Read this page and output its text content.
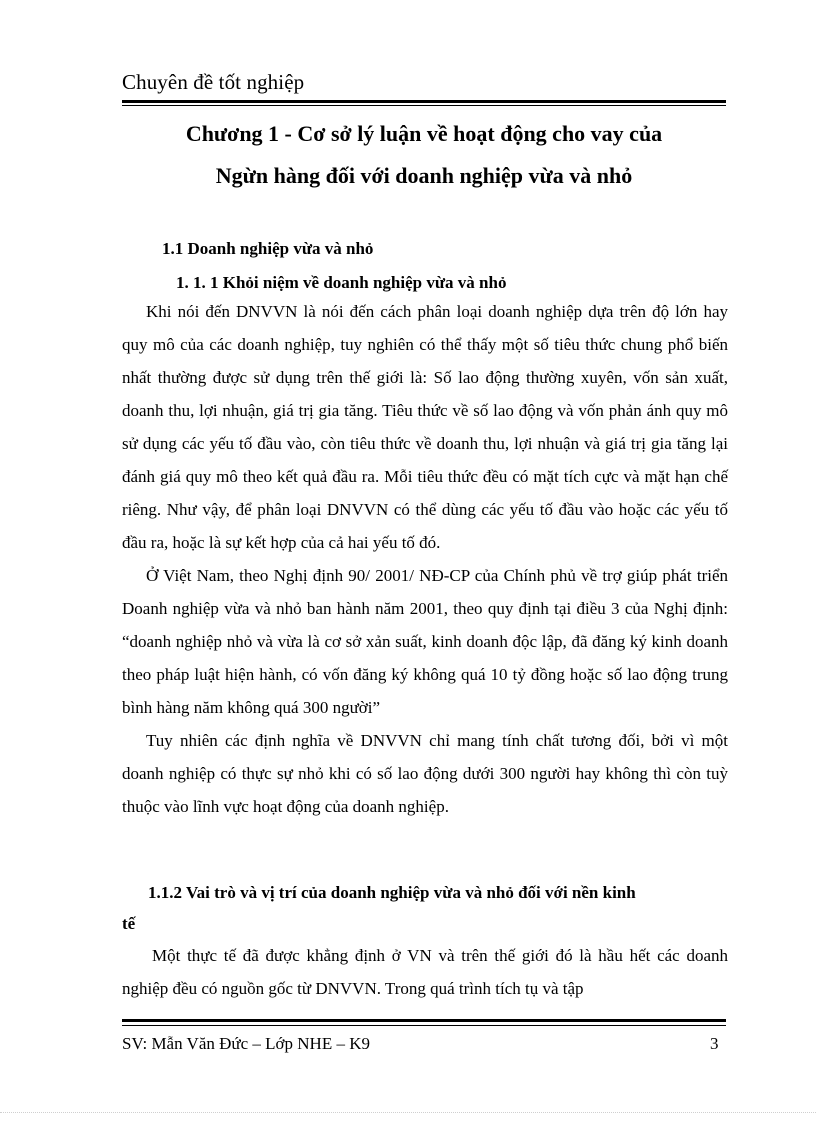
Chuyên đề tốt nghiệp
Chương 1 - Cơ sở lý luận về hoạt động cho vay của
Ngừn hàng đối với doanh nghiệp vừa và nhỏ
1.1 Doanh nghiệp vừa và nhỏ
1. 1. 1 Khỏi niệm về doanh nghiệp vừa và nhỏ

Khi nói đến DNVVN là nói đến cách phân loại doanh nghiệp dựa trên độ lớn hay quy mô của các doanh nghiệp, tuy nghiên có thể thấy một số tiêu thức chung phổ biến nhất thường được sử dụng trên thế giới là: Số lao động thường xuyên, vốn sản xuất, doanh thu, lợi nhuận, giá trị gia tăng. Tiêu thức về số lao động và vốn phản ánh quy mô sử dụng các yếu tố đầu vào, còn tiêu thức về doanh thu, lợi nhuận và giá trị gia tăng lại đánh giá quy mô theo kết quả đầu ra. Mỗi tiêu thức đều có mặt tích cực và mặt hạn chế riêng. Như vậy, để phân loại DNVVN có thể dùng các yếu tố đầu vào hoặc các yếu tố đầu ra, hoặc là sự kết hợp của cả hai yếu tố đó.

Ở Việt Nam, theo Nghị định 90/ 2001/ NĐ-CP của Chính phủ về trợ giúp phát triển Doanh nghiệp vừa và nhỏ ban hành năm 2001, theo quy định tại điều 3 của Nghị định: “doanh nghiệp nhỏ và vừa là cơ sở xản suất, kinh doanh độc lập, đã đăng ký kinh doanh theo pháp luật hiện hành, có vốn đăng ký không quá 10 tỷ đồng hoặc số lao động trung bình hàng năm không quá 300 người”

Tuy nhiên các định nghĩa về DNVVN chỉ mang tính chất tương đối, bởi vì một doanh nghiệp có thực sự nhỏ khi có số lao động dưới 300 người hay không thì còn tuỳ thuộc vào lĩnh vực hoạt động của doanh nghiệp.

1.1.2 Vai trò và vị trí của doanh nghiệp vừa và nhỏ đối với nền kinh
tế

Một thực tế đã được khẳng định ở VN và trên thế giới đó là hầu hết các doanh nghiệp đều có nguồn gốc từ DNVVN. Trong quá trình tích tụ và tập

SV: Mẫn Văn Đức – Lớp NHE – K9	3
